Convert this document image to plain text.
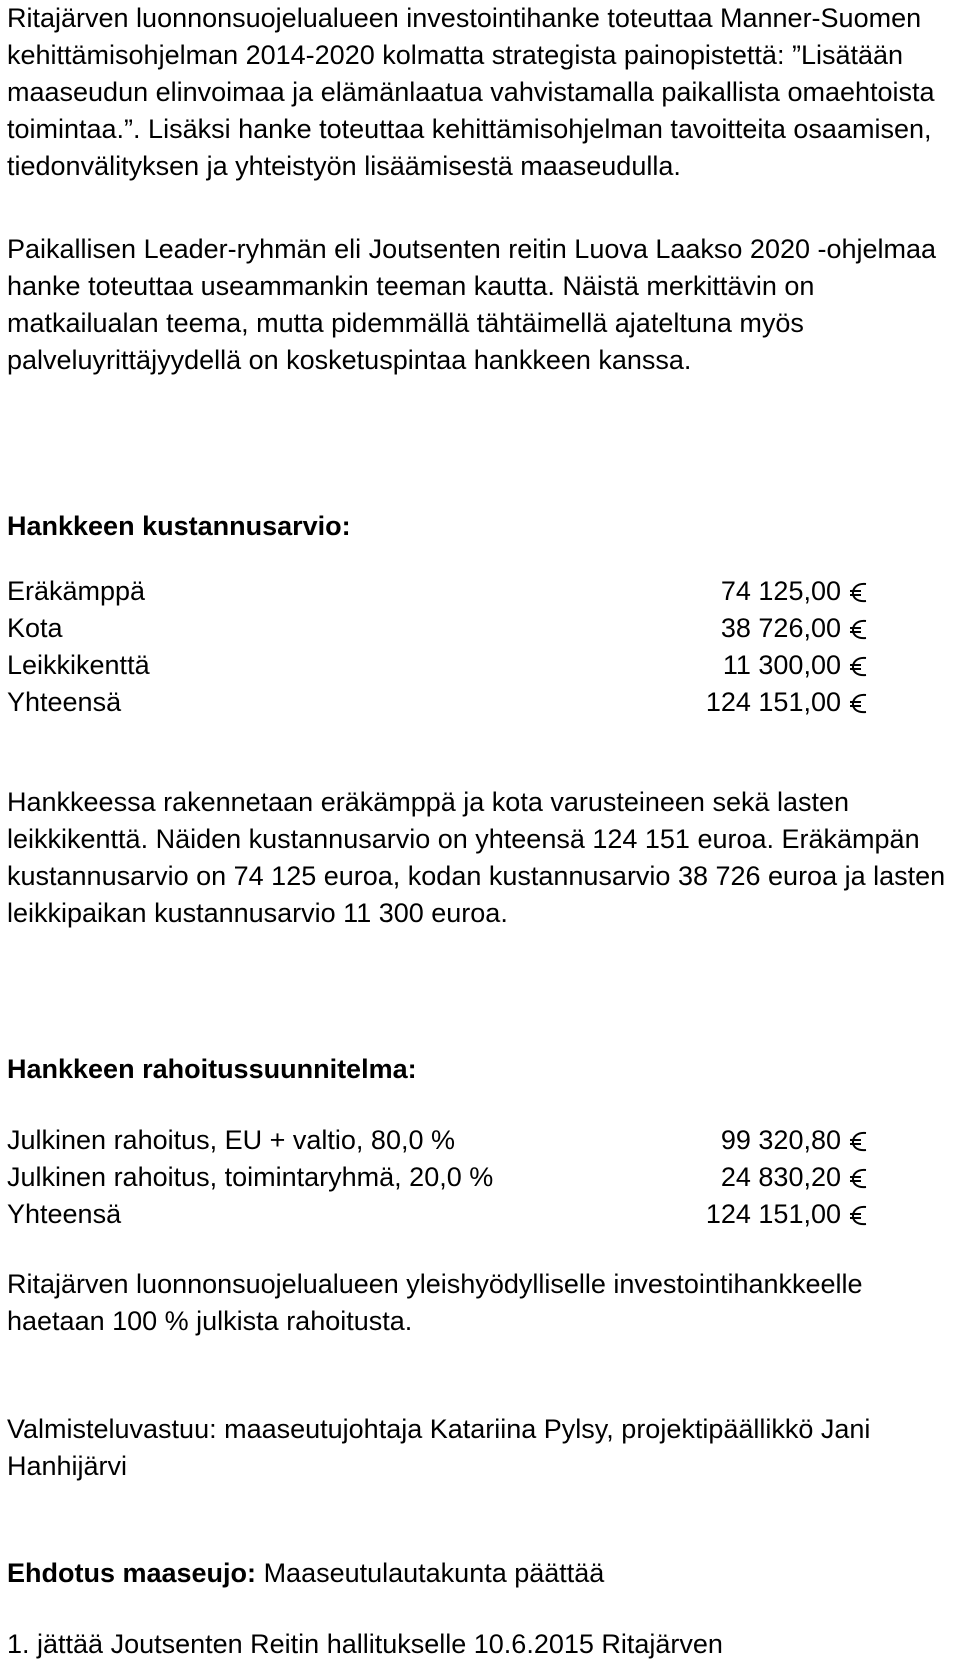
Ritajärven luonnonsuojelualueen investointihanke toteuttaa Manner-Suomen kehittämisohjelman 2014-2020 kolmatta strategista painopistettä: ”Lisätään maaseudun elinvoimaa ja elämänlaatua vahvistamalla paikallista omaehtoista toimintaa.”. Lisäksi hanke toteuttaa kehittämisohjelman tavoitteita osaamisen, tiedonvälityksen ja yhteistyön lisäämisestä maaseudulla.

Paikallisen Leader-ryhmän eli Joutsenten reitin Luova Laakso 2020 -ohjelmaa hanke toteuttaa useammankin teeman kautta. Näistä merkittävin on matkailualan teema, mutta pidemmällä tähtäimellä ajateltuna myös palveluyrittäjyydellä on kosketuspintaa hankkeen kanssa.

Hankkeen kustannusarvio:

Eräkämppä	74 125,00
Kota	38 726,00
Leikkikenttä	11 300,00
Yhteensä	124 151,00

Hankkeessa rakennetaan eräkämppä ja kota varusteineen sekä lasten leikkikenttä. Näiden kustannusarvio on yhteensä 124 151 euroa. Eräkämpän kustannusarvio on 74 125 euroa, kodan kustannusarvio 38 726 euroa ja lasten leikkipaikan kustannusarvio 11 300 euroa.

Hankkeen rahoitussuunnitelma:

Julkinen rahoitus, EU + valtio, 80,0 %	99 320,80
Julkinen rahoitus, toimintaryhmä, 20,0 %	24 830,20
Yhteensä	124 151,00

Ritajärven luonnonsuojelualueen yleishyödylliselle investointihankkeelle haetaan 100 % julkista rahoitusta.

Valmisteluvastuu: maaseutujohtaja Katariina Pylsy, projektipäällikkö Jani Hanhijärvi

Ehdotus maaseujo: Maaseutulautakunta päättää

1. jättää Joutsenten Reitin hallitukselle 10.6.2015 Ritajärven
